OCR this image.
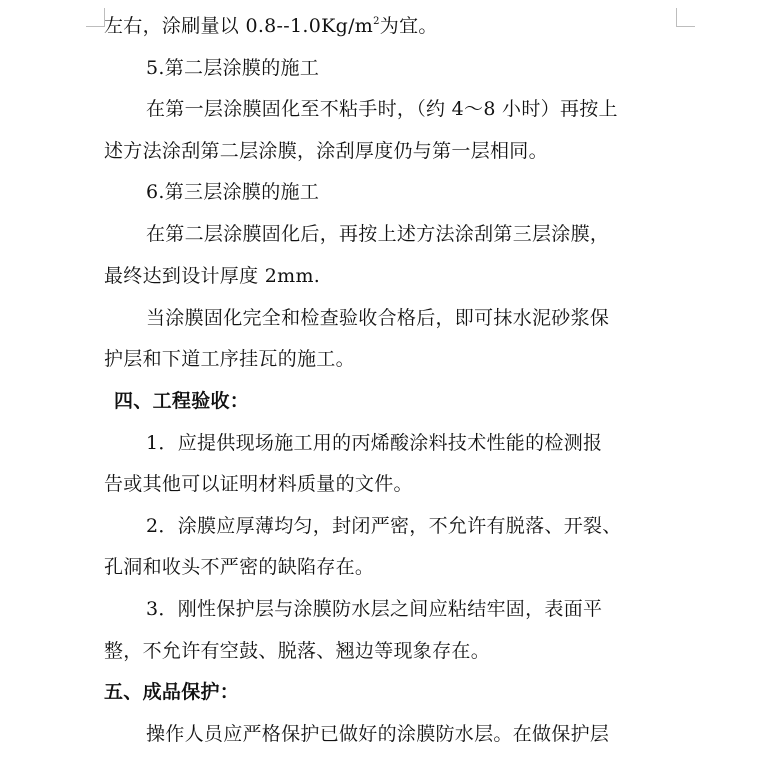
左右，涂刷量以 $0.8--1.0Kg/m^2$为宜。
5.第二层涂膜的施工
在第一层涂膜固化至不粘手时，（约 4～8 小时）再按上
述方法涂刮第二层涂膜，涂刮厚度仍与第一层相同。
6.第三层涂膜的施工
在第二层涂膜固化后，再按上述方法涂刮第三层涂膜，
最终达到设计厚度 2mm.
当涂膜固化完全和检查验收合格后，即可抹水泥砂浆保
护层和下道工序挂瓦的施工。
四、工程验收：
1．应提供现场施工用的丙烯酸涂料技术性能的检测报
告或其他可以证明材料质量的文件。
2．涂膜应厚薄均匀，封闭严密，不允许有脱落、开裂、
孔洞和收头不严密的缺陷存在。
3．刚性保护层与涂膜防水层之间应粘结牢固，表面平
整，不允许有空鼓、脱落、翘边等现象存在。
五、成品保护：
操作人员应严格保护已做好的涂膜防水层。在做保护层
